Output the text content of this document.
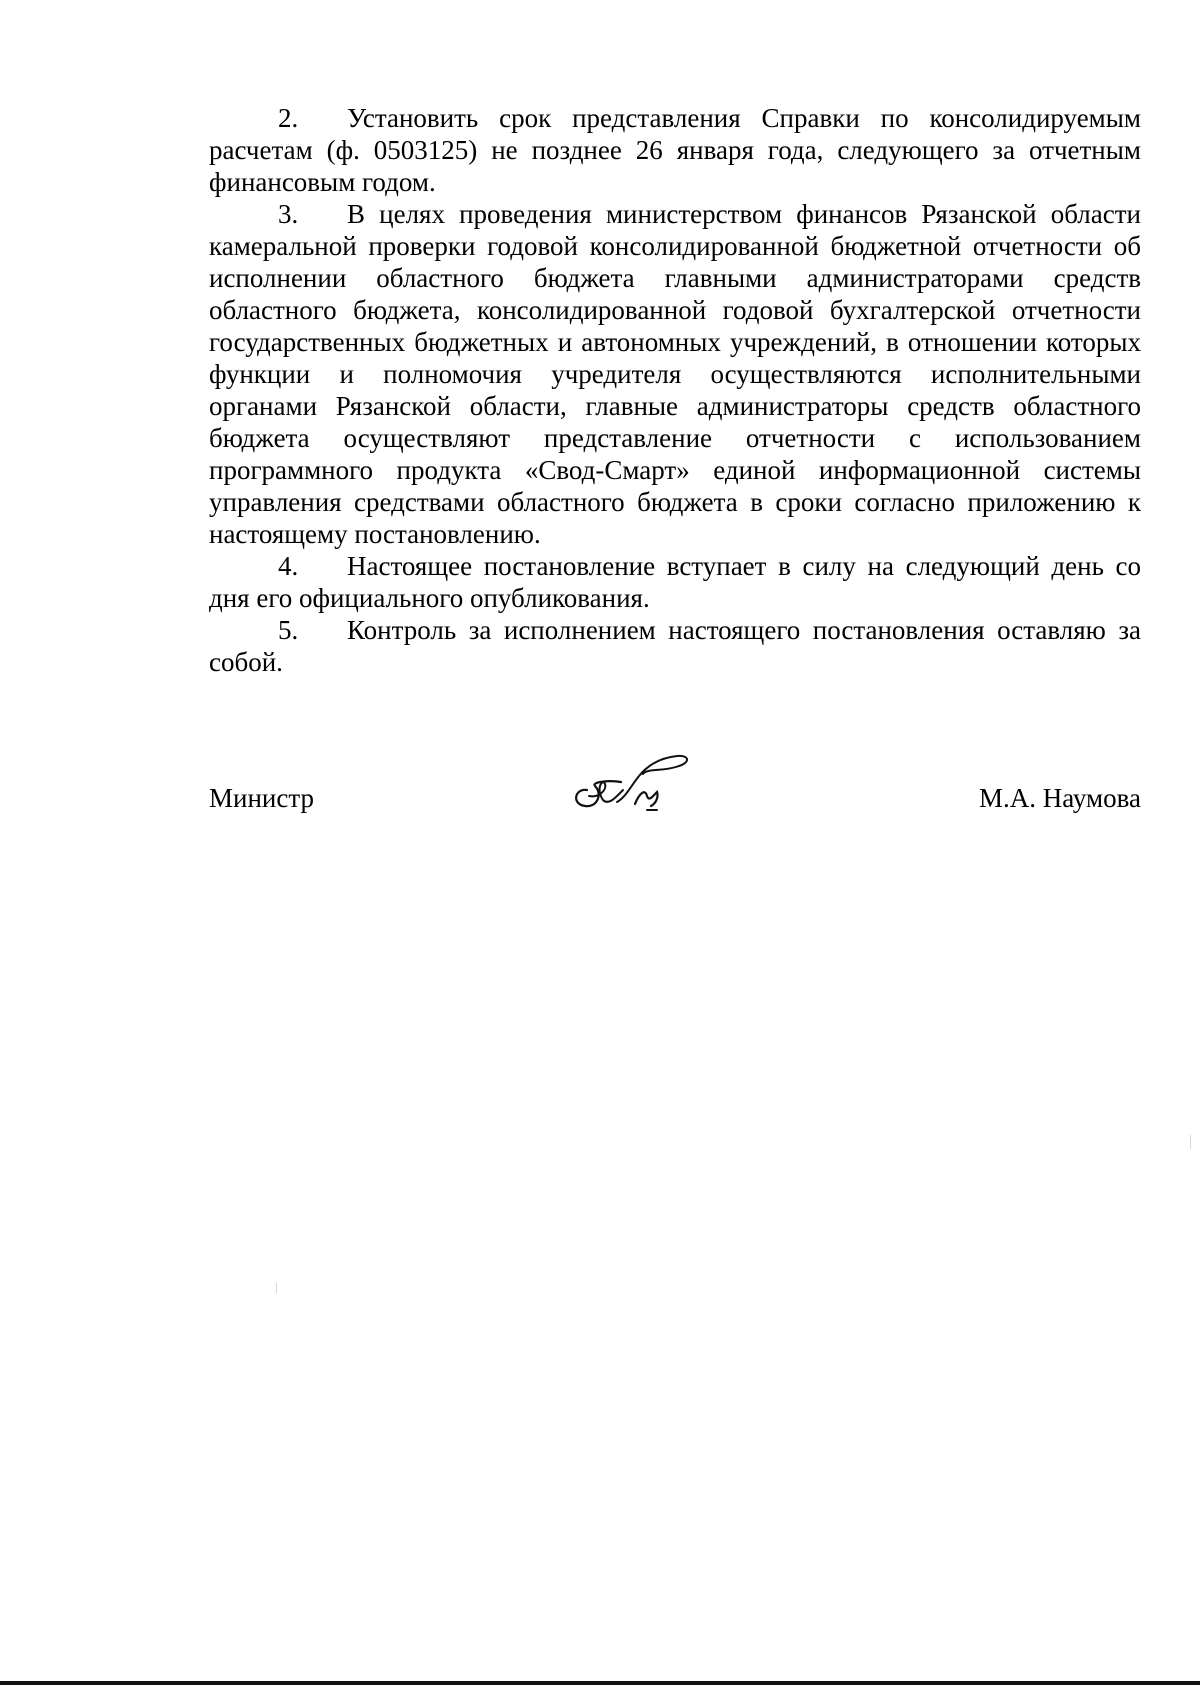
2. Установить срок представления Справки по консолидируемым расчетам (ф. 0503125) не позднее 26 января года, следующего за отчетным финансовым годом.

3. В целях проведения министерством финансов Рязанской области камеральной проверки годовой консолидированной бюджетной отчетности об исполнении областного бюджета главными администраторами средств областного бюджета, консолидированной годовой бухгалтерской отчетности государственных бюджетных и автономных учреждений, в отношении которых функции и полномочия учредителя осуществляются исполнительными органами Рязанской области, главные администраторы средств областного бюджета осуществляют представление отчетности с использованием программного продукта «Свод-Смарт» единой информационной системы управления средствами областного бюджета в сроки согласно приложению к настоящему постановлению.

4. Настоящее постановление вступает в силу на следующий день со дня его официального опубликования.

5. Контроль за исполнением настоящего постановления оставляю за собой.

Министр	М.А. Наумова
